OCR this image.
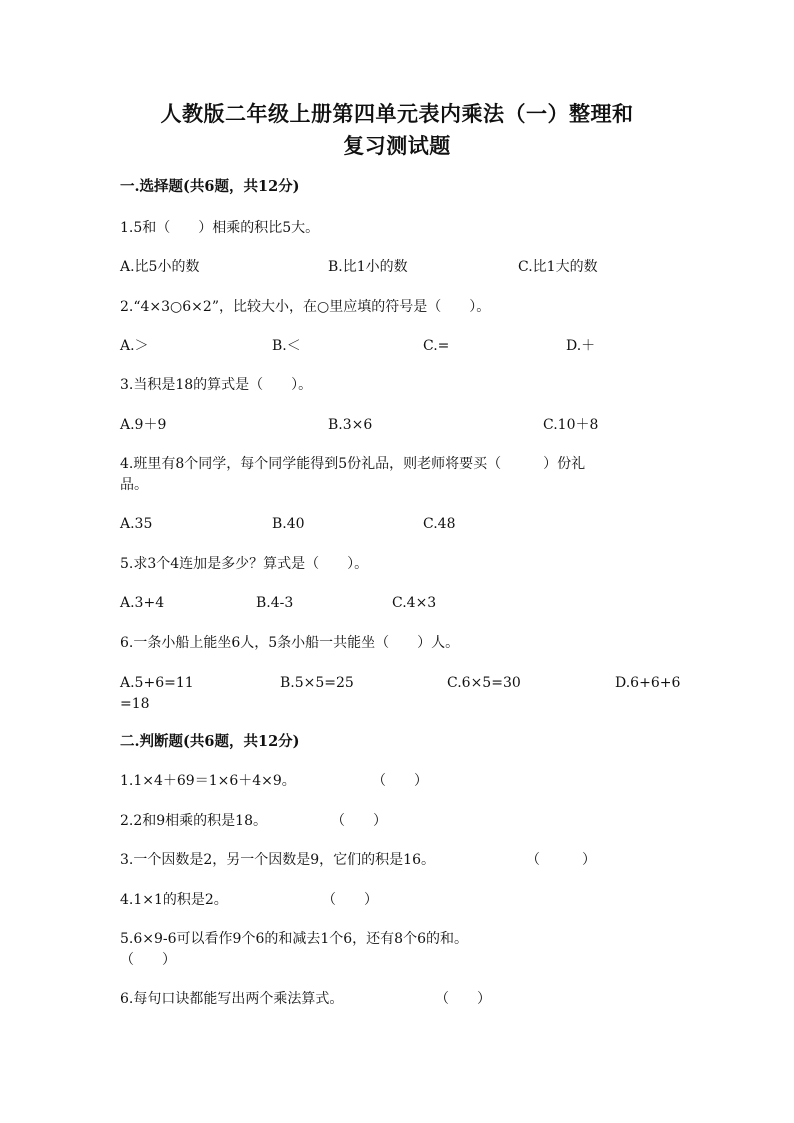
人教版二年级上册第四单元表内乘法（一）整理和
复习测试题
一.选择题(共6题，共12分)
1.5和（　　）相乘的积比5大。
A.比5小的数	B.比1小的数	C.比1大的数
2.“4×3○6×2”，比较大小，在○里应填的符号是（　　）。
A.＞	B.＜	C.=	D.＋
3.当积是18的算式是（　　）。
A.9＋9	B.3×6	C.10＋8
4.班里有8个同学，每个同学能得到5份礼品，则老师将要买（　　　）份礼
品。
A.35	B.40	C.48
5.求3个4连加是多少？算式是（　　）。
A.3+4	B.4-3	C.4×3
6.一条小船上能坐6人，5条小船一共能坐（　　）人。
A.5+6=11	B.5×5=25	C.6×5=30	D.6+6+6
=18
二.判断题(共6题，共12分)
1.1×4＋69＝1×6＋4×9。	（　　）
2.2和9相乘的积是18。	（　　）
3.一个因数是2，另一个因数是9，它们的积是16。	（　　　）
4.1×1的积是2。	（　　）
5.6×9-6可以看作9个6的和减去1个6，还有8个6的和。
（　　）
6.每句口诀都能写出两个乘法算式。	（　　）
